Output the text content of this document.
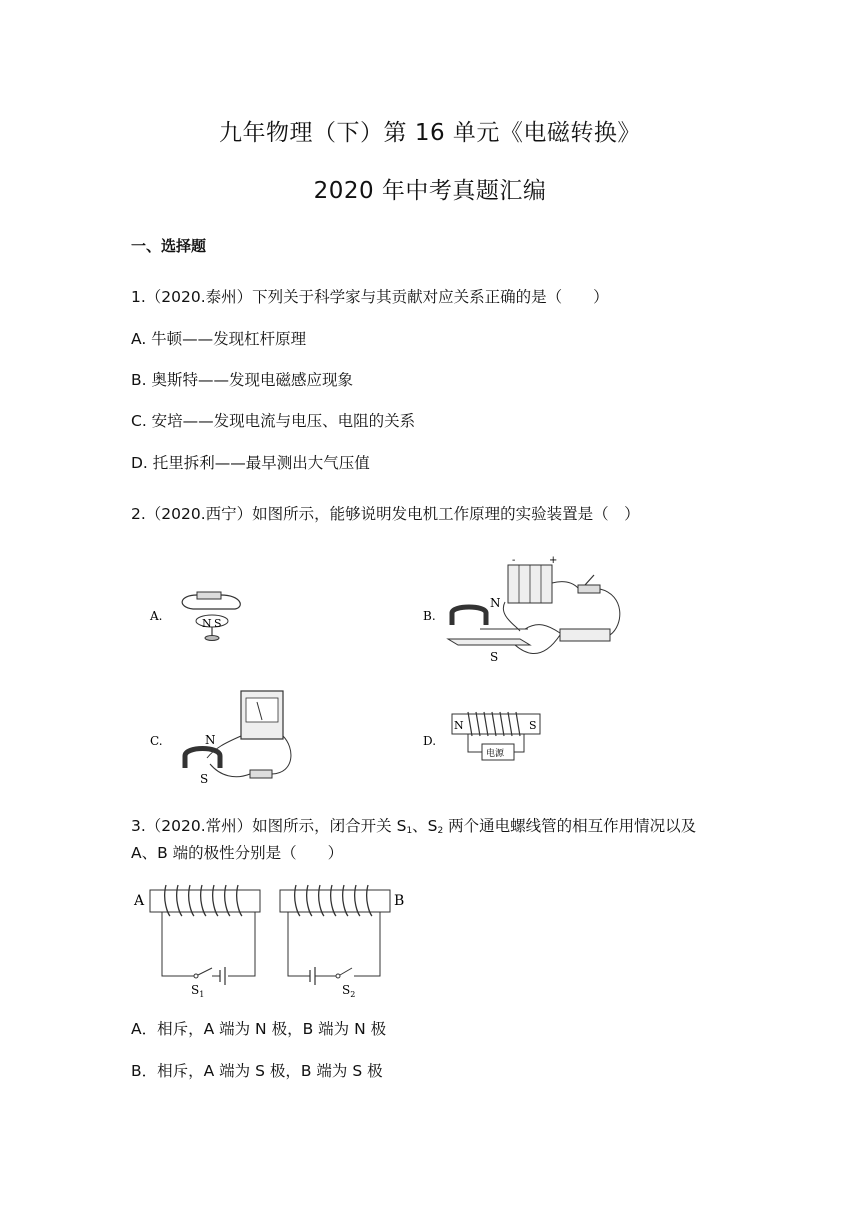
九年物理（下）第 16 单元《电磁转换》
2020 年中考真题汇编
一、选择题
1.（2020.泰州）下列关于科学家与其贡献对应关系正确的是（　　）
A. 牛顿——发现杠杆原理
B. 奥斯特——发现电磁感应现象
C. 安培——发现电流与电压、电阻的关系
D. 托里拆利——最早测出大气压值
2.（2020.西宁）如图所示，能够说明发电机工作原理的实验装置是（　）
A.
N S
B.
-	+
N
S
C.	N
S
D.
N	S
电源
3.（2020.常州）如图所示，闭合开关 $S_1$、$S_2$ 两个通电螺线管的相互作用情况以及
A、B 端的极性分别是（　　）
A
$S_1$
B
$S_2$
A．相斥，A 端为 N 极，B 端为 N 极
B．相斥，A 端为 S 极，B 端为 S 极
